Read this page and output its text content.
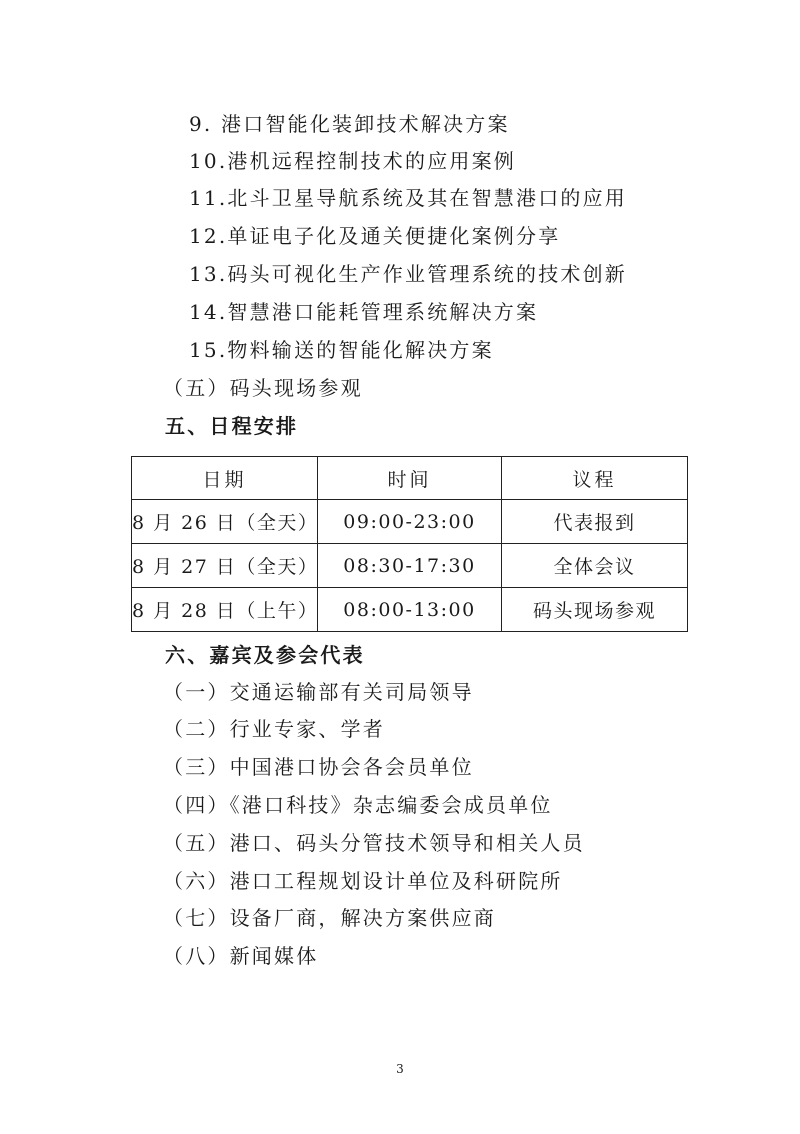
9. 港口智能化装卸技术解决方案
10.港机远程控制技术的应用案例
11.北斗卫星导航系统及其在智慧港口的应用
12.单证电子化及通关便捷化案例分享
13.码头可视化生产作业管理系统的技术创新
14.智慧港口能耗管理系统解决方案
15.物料输送的智能化解决方案
（五）码头现场参观
五、日程安排
日期	时间	议程
8 月 26 日（全天）	09:00-23:00	代表报到
8 月 27 日（全天）	08:30-17:30	全体会议
8 月 28 日（上午）	08:00-13:00	码头现场参观
六、嘉宾及参会代表
（一）交通运输部有关司局领导
（二）行业专家、学者
（三）中国港口协会各会员单位
（四）《港口科技》杂志编委会成员单位
（五）港口、码头分管技术领导和相关人员
（六）港口工程规划设计单位及科研院所
（七）设备厂商，解决方案供应商
（八）新闻媒体
3
